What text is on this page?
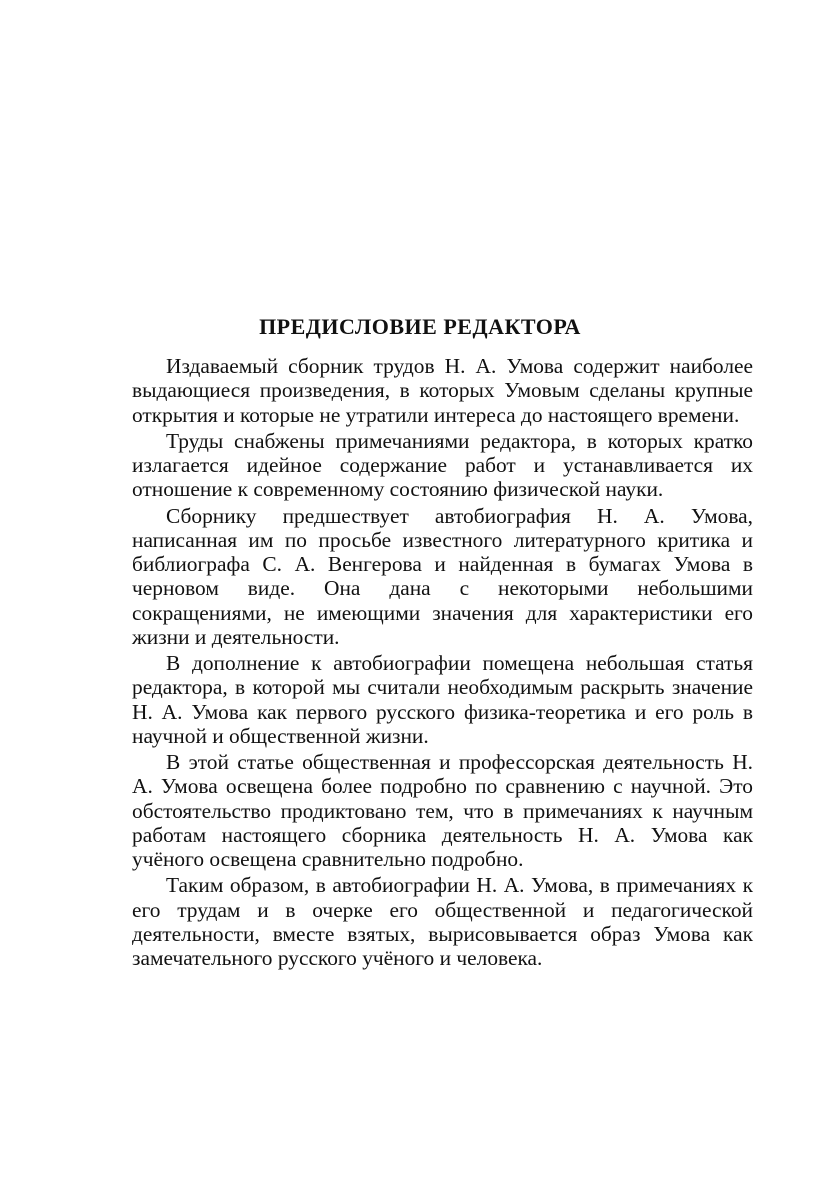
ПРЕДИСЛОВИЕ РЕДАКТОРА

Издаваемый сборник трудов Н. А. Умова содержит наиболее выдающиеся произведения, в которых Умовым сделаны крупные открытия и которые не утратили интереса до настоящего времени.

Труды снабжены примечаниями редактора, в которых кратко излагается идейное содержание работ и устанавливается их отношение к современному состоянию физической науки.

Сборнику предшествует автобиография Н. А. Умова, написанная им по просьбе известного литературного критика и библиографа С. А. Венгерова и найденная в бумагах Умова в черновом виде. Она дана с некоторыми небольшими сокращениями, не имеющими значения для характеристики его жизни и деятельности.

В дополнение к автобиографии помещена небольшая статья редактора, в которой мы считали необходимым раскрыть значение Н. А. Умова как первого русского физика-теоретика и его роль в научной и общественной жизни.

В этой статье общественная и профессорская деятельность Н. А. Умова освещена более подробно по сравнению с научной. Это обстоятельство продиктовано тем, что в примечаниях к научным работам настоящего сборника деятельность Н. А. Умова как учёного освещена сравнительно подробно.

Таким образом, в автобиографии Н. А. Умова, в примечаниях к его трудам и в очерке его общественной и педагогической деятельности, вместе взятых, вырисовывается образ Умова как замечательного русского учёного и человека.
